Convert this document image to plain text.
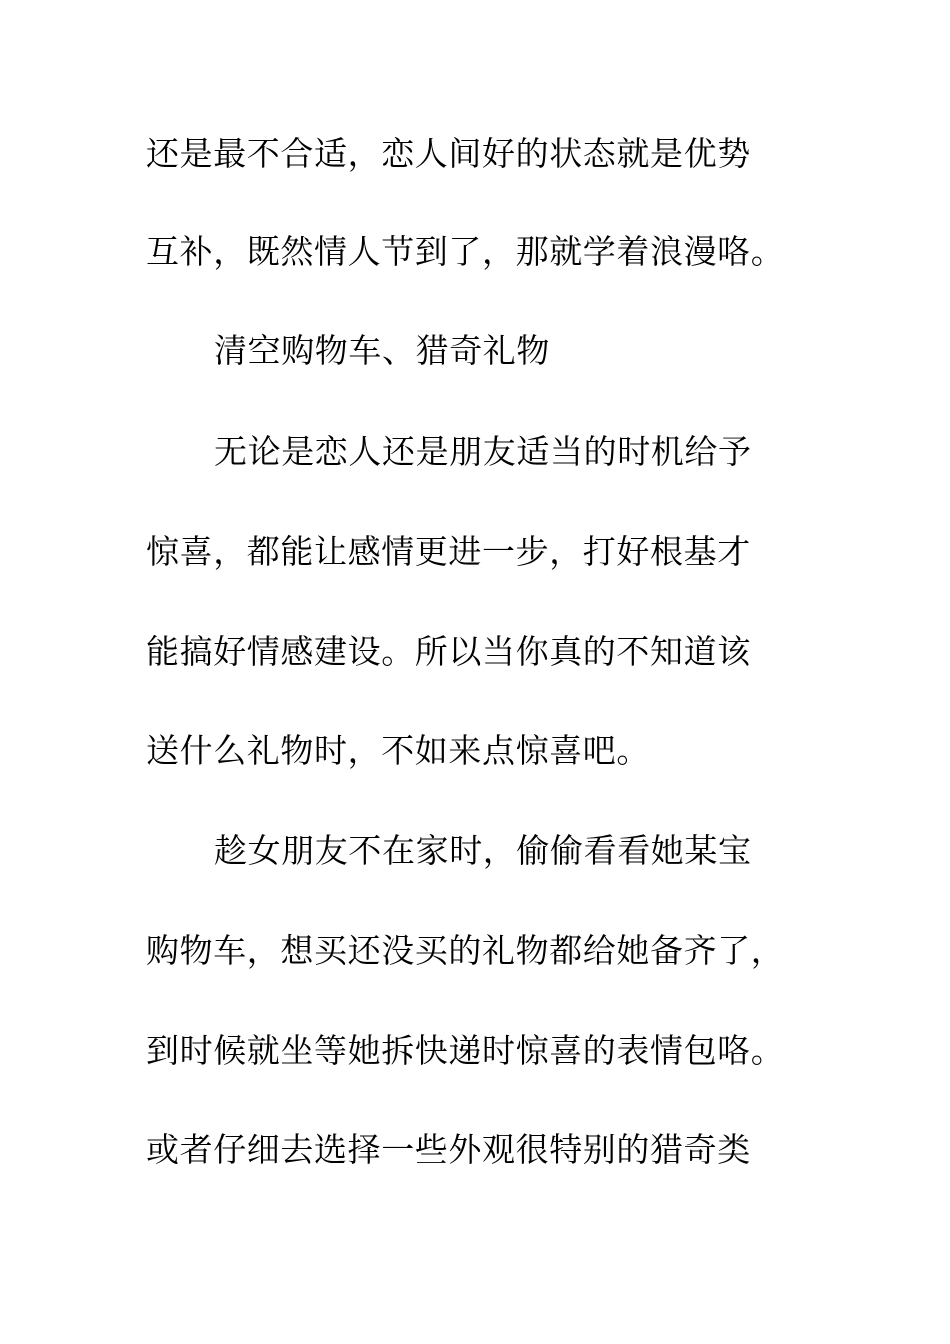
还是最不合适，恋人间好的状态就是优势
互补，既然情人节到了，那就学着浪漫咯。
清空购物车、猎奇礼物
无论是恋人还是朋友适当的时机给予
惊喜，都能让感情更进一步，打好根基才
能搞好情感建设。所以当你真的不知道该
送什么礼物时，不如来点惊喜吧。
趁女朋友不在家时，偷偷看看她某宝
购物车，想买还没买的礼物都给她备齐了，
到时候就坐等她拆快递时惊喜的表情包咯。
或者仔细去选择一些外观很特别的猎奇类
